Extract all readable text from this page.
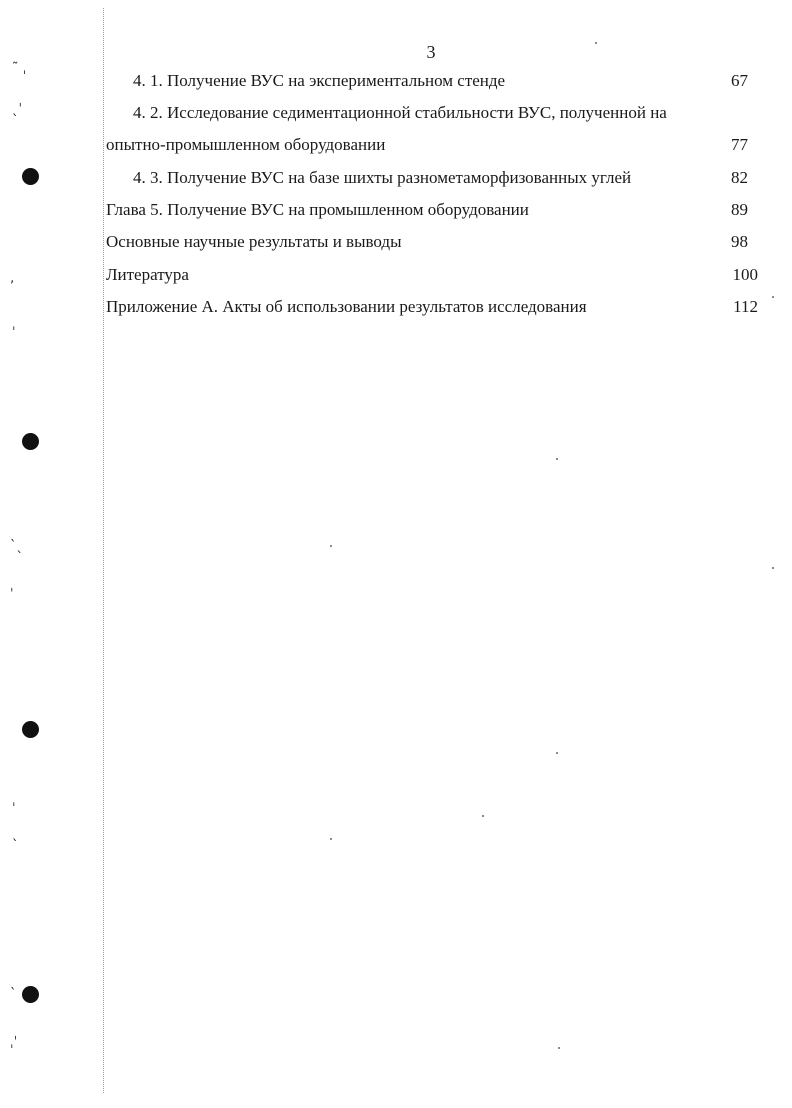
˜ ˌ
ˎˈ
ʼ
ˌ
ˋˎ
ˈ
ˌ
ˎ
ˋ
ˌˈ
3
4. 1. Получение ВУС на экспериментальном стенде	67
4. 2. Исследование седиментационной стабильности ВУС, полученной на
опытно-промышленном оборудовании	77
4. 3. Получение ВУС на базе шихты разнометаморфизованных углей	82
Глава 5. Получение ВУС на промышленном оборудовании	89
Основные научные результаты и выводы	98
Литература	100
Приложение А. Акты об использовании результатов исследования	112
